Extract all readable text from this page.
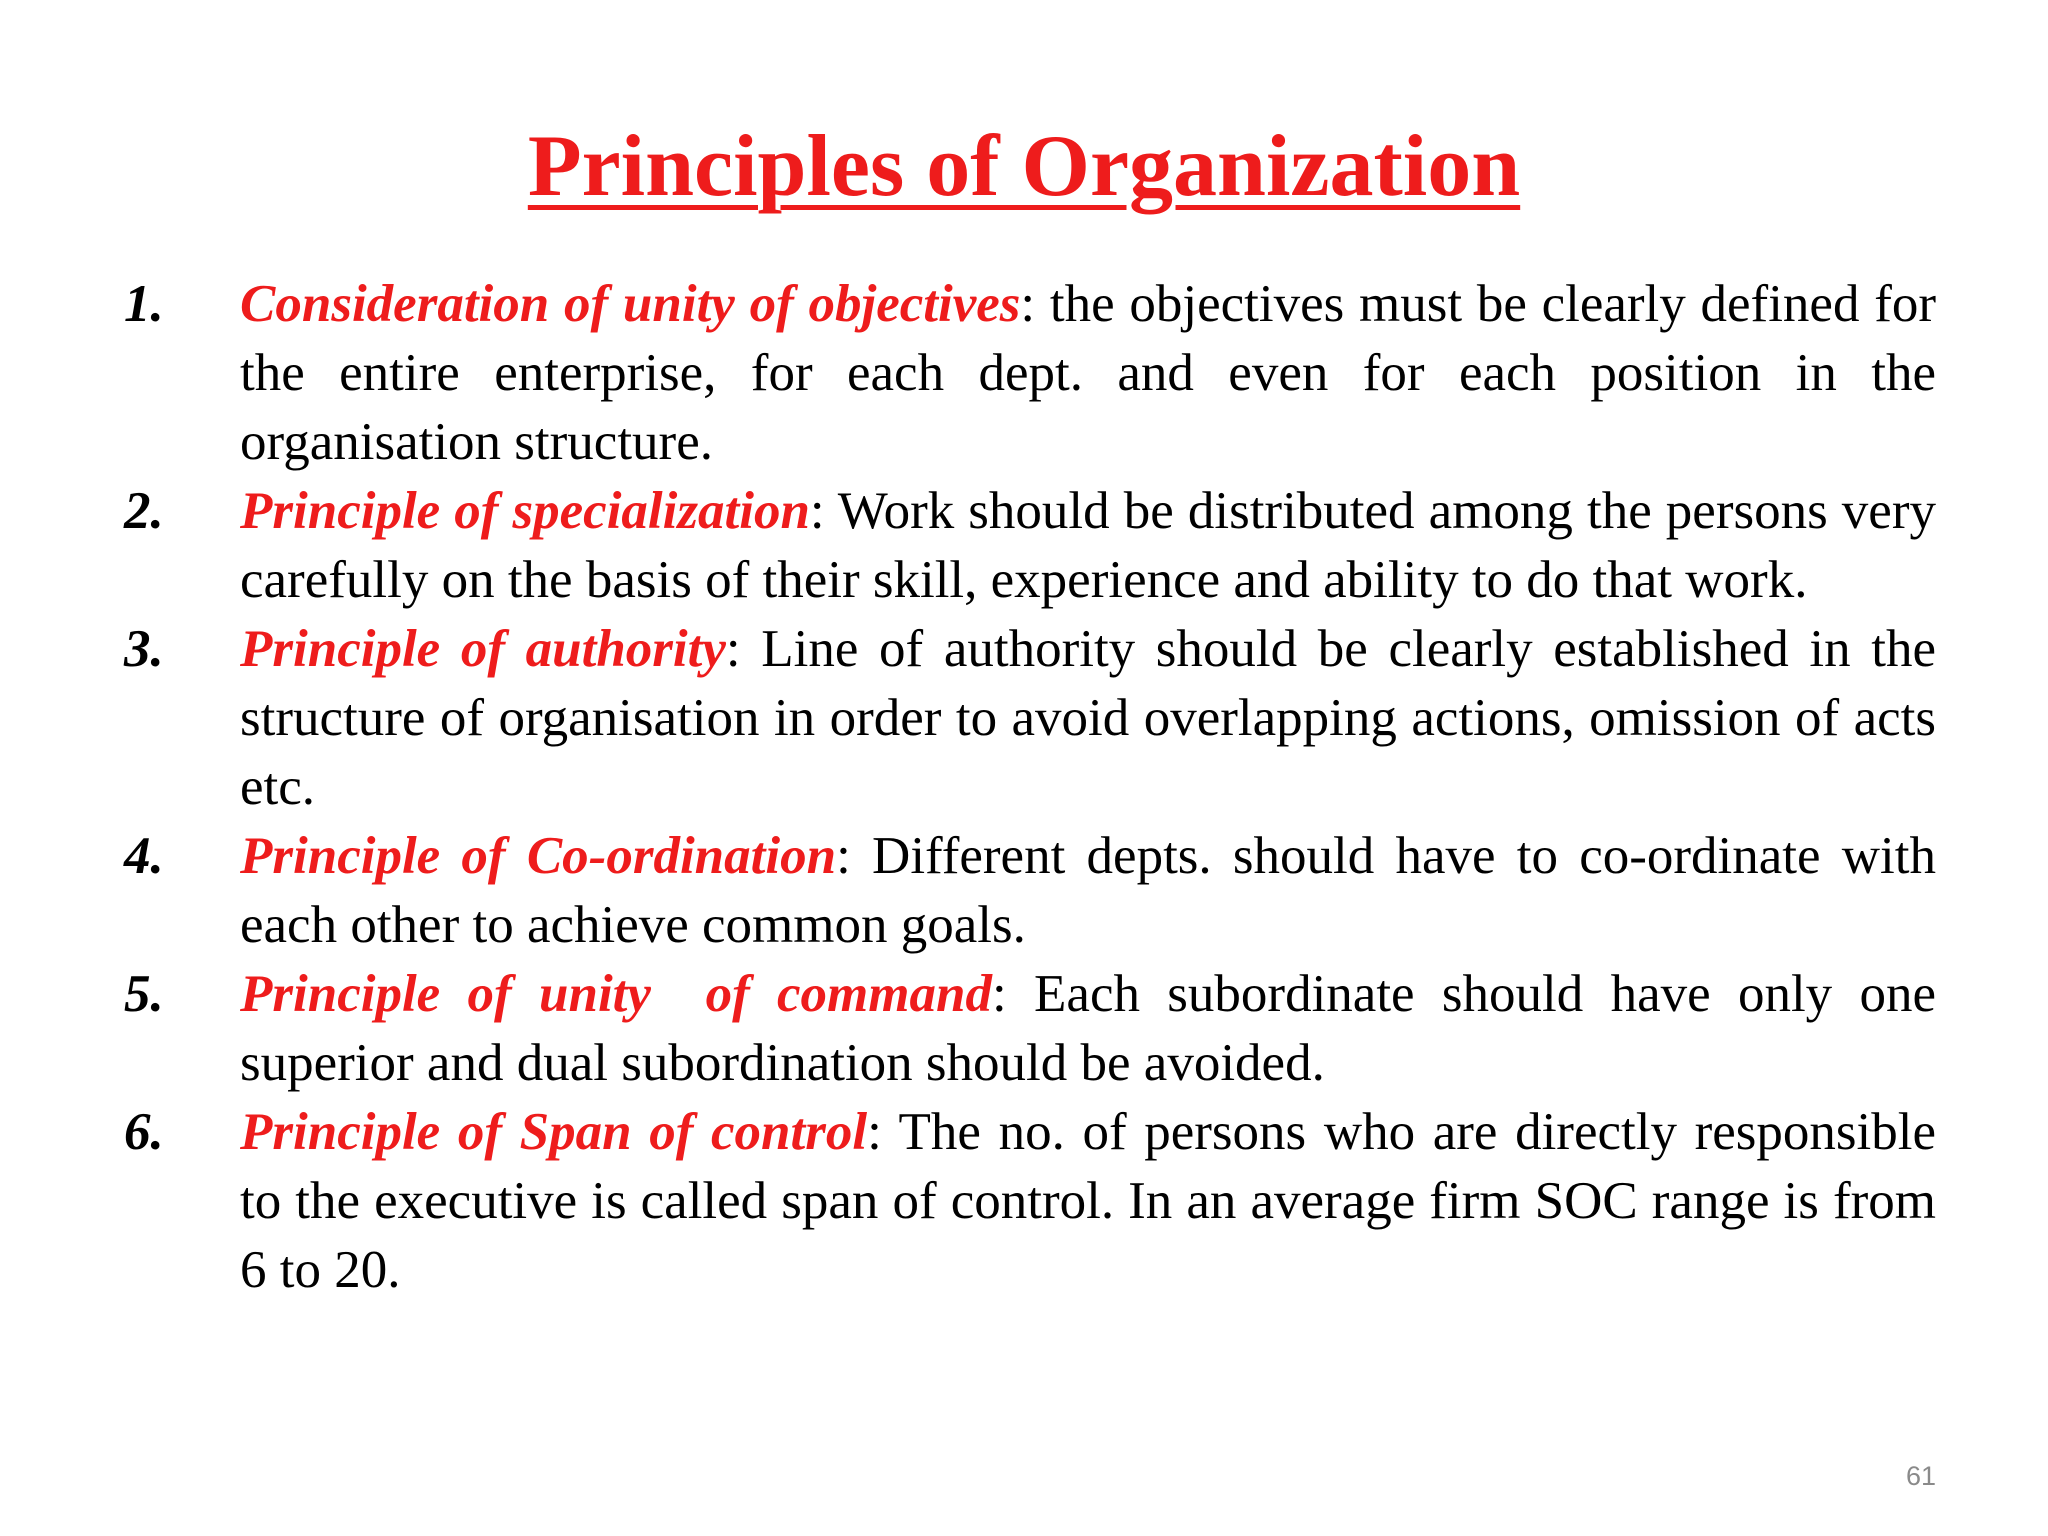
Principles of Organization
1.	Consideration of unity of objectives: the objectives must be clearly defined for the entire enterprise, for each dept. and even for each position in the organisation structure.
2.	Principle of specialization: Work should be distributed among the persons very carefully on the basis of their skill, experience and ability to do that work.
3.	Principle of authority: Line of authority should be clearly established in the structure of organisation in order to avoid overlapping actions, omission of acts etc.
4.	Principle of Co-ordination: Different depts. should have to co-ordinate with each other to achieve common goals.
5.	Principle of unity  of command: Each subordinate should have only one superior and dual subordination should be avoided.
6.	Principle of Span of control: The no. of persons who are directly responsible to the executive is called span of control. In an average firm SOC range is from 6 to 20.
61
